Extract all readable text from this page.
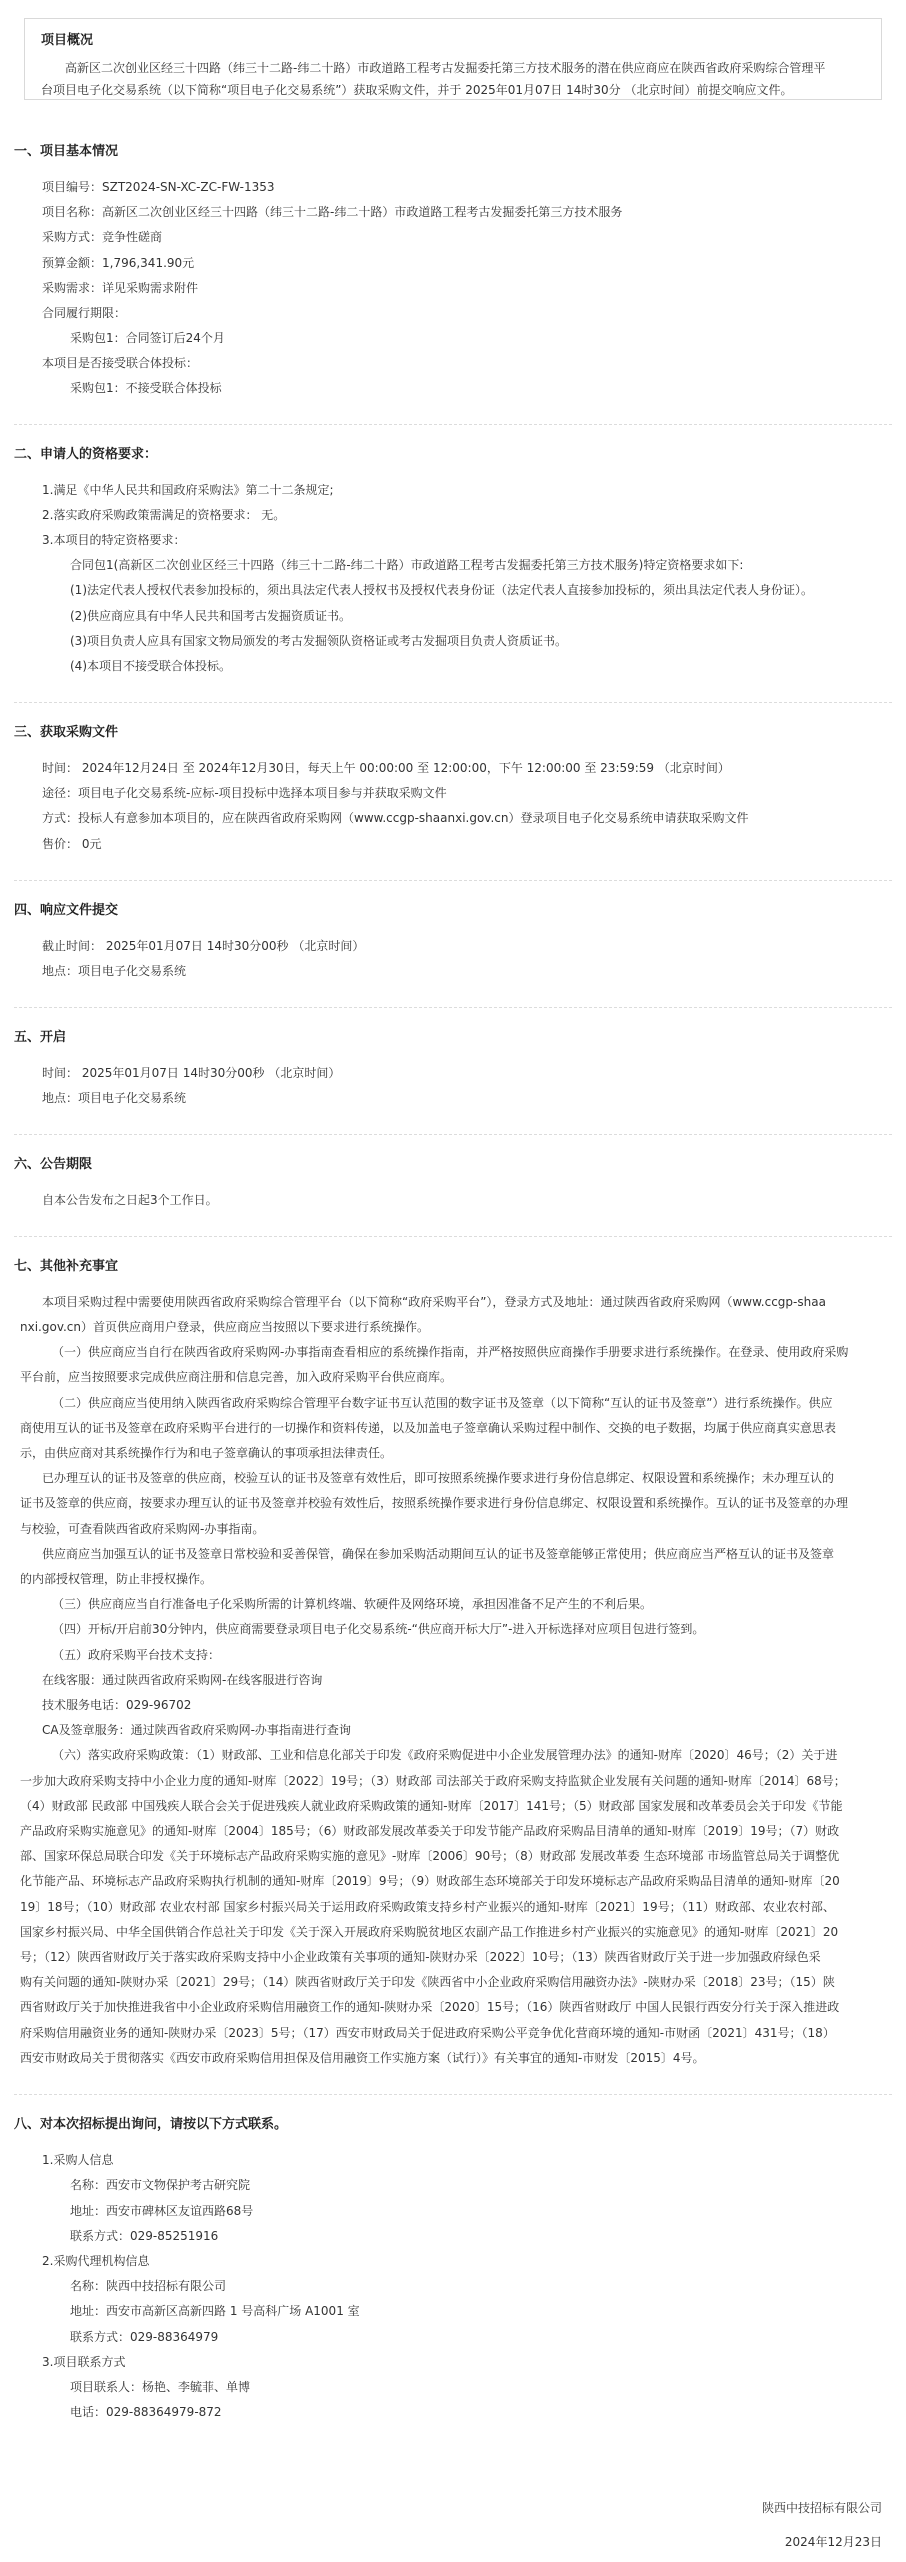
项目概况
高新区二次创业区经三十四路（纬三十二路-纬二十路）市政道路工程考古发掘委托第三方技术服务的潜在供应商应在陕西省政府采购综合管理平
台项目电子化交易系统（以下简称“项目电子化交易系统”）获取采购文件，并于 2025年01月07日 14时30分 （北京时间）前提交响应文件。
一、项目基本情况
项目编号：SZT2024-SN-XC-ZC-FW-1353
项目名称：高新区二次创业区经三十四路（纬三十二路-纬二十路）市政道路工程考古发掘委托第三方技术服务
采购方式：竞争性磋商
预算金额：1,796,341.90元
采购需求：详见采购需求附件
合同履行期限：
采购包1：合同签订后24个月
本项目是否接受联合体投标：
采购包1：不接受联合体投标
二、申请人的资格要求：
1.满足《中华人民共和国政府采购法》第二十二条规定;
2.落实政府采购政策需满足的资格要求： 无。
3.本项目的特定资格要求：
合同包1(高新区二次创业区经三十四路（纬三十二路-纬二十路）市政道路工程考古发掘委托第三方技术服务)特定资格要求如下:
(1)法定代表人授权代表参加投标的，须出具法定代表人授权书及授权代表身份证（法定代表人直接参加投标的，须出具法定代表人身份证）。
(2)供应商应具有中华人民共和国考古发掘资质证书。
(3)项目负责人应具有国家文物局颁发的考古发掘领队资格证或考古发掘项目负责人资质证书。
(4)本项目不接受联合体投标。
三、获取采购文件
时间： 2024年12月24日 至 2024年12月30日，每天上午 00:00:00 至 12:00:00，下午 12:00:00 至 23:59:59 （北京时间）
途径：项目电子化交易系统-应标-项目投标中选择本项目参与并获取采购文件
方式：投标人有意参加本项目的，应在陕西省政府采购网（www.ccgp-shaanxi.gov.cn）登录项目电子化交易系统申请获取采购文件
售价： 0元
四、响应文件提交
截止时间： 2025年01月07日 14时30分00秒 （北京时间）
地点：项目电子化交易系统
五、开启
时间： 2025年01月07日 14时30分00秒 （北京时间）
地点：项目电子化交易系统
六、公告期限
自本公告发布之日起3个工作日。
七、其他补充事宜
本项目采购过程中需要使用陕西省政府采购综合管理平台（以下简称“政府采购平台”），登录方式及地址：通过陕西省政府采购网（www.ccgp-shaa
nxi.gov.cn）首页供应商用户登录，供应商应当按照以下要求进行系统操作。
（一）供应商应当自行在陕西省政府采购网-办事指南查看相应的系统操作指南，并严格按照供应商操作手册要求进行系统操作。在登录、使用政府采购
平台前，应当按照要求完成供应商注册和信息完善，加入政府采购平台供应商库。
（二）供应商应当使用纳入陕西省政府采购综合管理平台数字证书互认范围的数字证书及签章（以下简称“互认的证书及签章”）进行系统操作。供应
商使用互认的证书及签章在政府采购平台进行的一切操作和资料传递，以及加盖电子签章确认采购过程中制作、交换的电子数据，均属于供应商真实意思表
示，由供应商对其系统操作行为和电子签章确认的事项承担法律责任。
已办理互认的证书及签章的供应商，校验互认的证书及签章有效性后，即可按照系统操作要求进行身份信息绑定、权限设置和系统操作；未办理互认的
证书及签章的供应商，按要求办理互认的证书及签章并校验有效性后，按照系统操作要求进行身份信息绑定、权限设置和系统操作。互认的证书及签章的办理
与校验，可查看陕西省政府采购网-办事指南。
供应商应当加强互认的证书及签章日常校验和妥善保管，确保在参加采购活动期间互认的证书及签章能够正常使用；供应商应当严格互认的证书及签章
的内部授权管理，防止非授权操作。
（三）供应商应当自行准备电子化采购所需的计算机终端、软硬件及网络环境，承担因准备不足产生的不利后果。
（四）开标/开启前30分钟内，供应商需要登录项目电子化交易系统-“供应商开标大厅”-进入开标选择对应项目包进行签到。
（五）政府采购平台技术支持：
在线客服：通过陕西省政府采购网-在线客服进行咨询
技术服务电话：029-96702
CA及签章服务：通过陕西省政府采购网-办事指南进行查询
（六）落实政府采购政策：（1）财政部、工业和信息化部关于印发《政府采购促进中小企业发展管理办法》的通知-财库〔2020〕46号；（2）关于进
一步加大政府采购支持中小企业力度的通知-财库〔2022〕19号；（3）财政部 司法部关于政府采购支持监狱企业发展有关问题的通知-财库〔2014〕68号；
（4）财政部 民政部 中国残疾人联合会关于促进残疾人就业政府采购政策的通知-财库〔2017〕141号；（5）财政部 国家发展和改革委员会关于印发《节能
产品政府采购实施意见》的通知-财库〔2004〕185号；（6）财政部发展改革委关于印发节能产品政府采购品目清单的通知-财库〔2019〕19号；（7）财政
部、国家环保总局联合印发《关于环境标志产品政府采购实施的意见》-财库〔2006〕90号；（8）财政部 发展改革委 生态环境部 市场监管总局关于调整优
化节能产品、环境标志产品政府采购执行机制的通知-财库〔2019〕9号；（9）财政部生态环境部关于印发环境标志产品政府采购品目清单的通知-财库〔20
19〕18号；（10）财政部 农业农村部 国家乡村振兴局关于运用政府采购政策支持乡村产业振兴的通知-财库〔2021〕19号；（11）财政部、农业农村部、
国家乡村振兴局、中华全国供销合作总社关于印发《关于深入开展政府采购脱贫地区农副产品工作推进乡村产业振兴的实施意见》的通知-财库〔2021〕20
号；（12）陕西省财政厅关于落实政府采购支持中小企业政策有关事项的通知-陕财办采〔2022〕10号；（13）陕西省财政厅关于进一步加强政府绿色采
购有关问题的通知-陕财办采〔2021〕29号；（14）陕西省财政厅关于印发《陕西省中小企业政府采购信用融资办法》-陕财办采〔2018〕23号；（15）陕
西省财政厅关于加快推进我省中小企业政府采购信用融资工作的通知-陕财办采〔2020〕15号；（16）陕西省财政厅 中国人民银行西安分行关于深入推进政
府采购信用融资业务的通知-陕财办采〔2023〕5号；（17）西安市财政局关于促进政府采购公平竞争优化营商环境的通知-市财函〔2021〕431号；（18）
西安市财政局关于贯彻落实《西安市政府采购信用担保及信用融资工作实施方案（试行）》有关事宜的通知-市财发〔2015〕4号。
八、对本次招标提出询问，请按以下方式联系。
1.采购人信息
名称：西安市文物保护考古研究院
地址：西安市碑林区友谊西路68号
联系方式：029-85251916
2.采购代理机构信息
名称：陕西中技招标有限公司
地址：西安市高新区高新四路 1 号高科广场 A1001 室
联系方式：029-88364979
3.项目联系方式
项目联系人：杨艳、李毓菲、单博
电话：029-88364979-872
陕西中技招标有限公司
2024年12月23日
